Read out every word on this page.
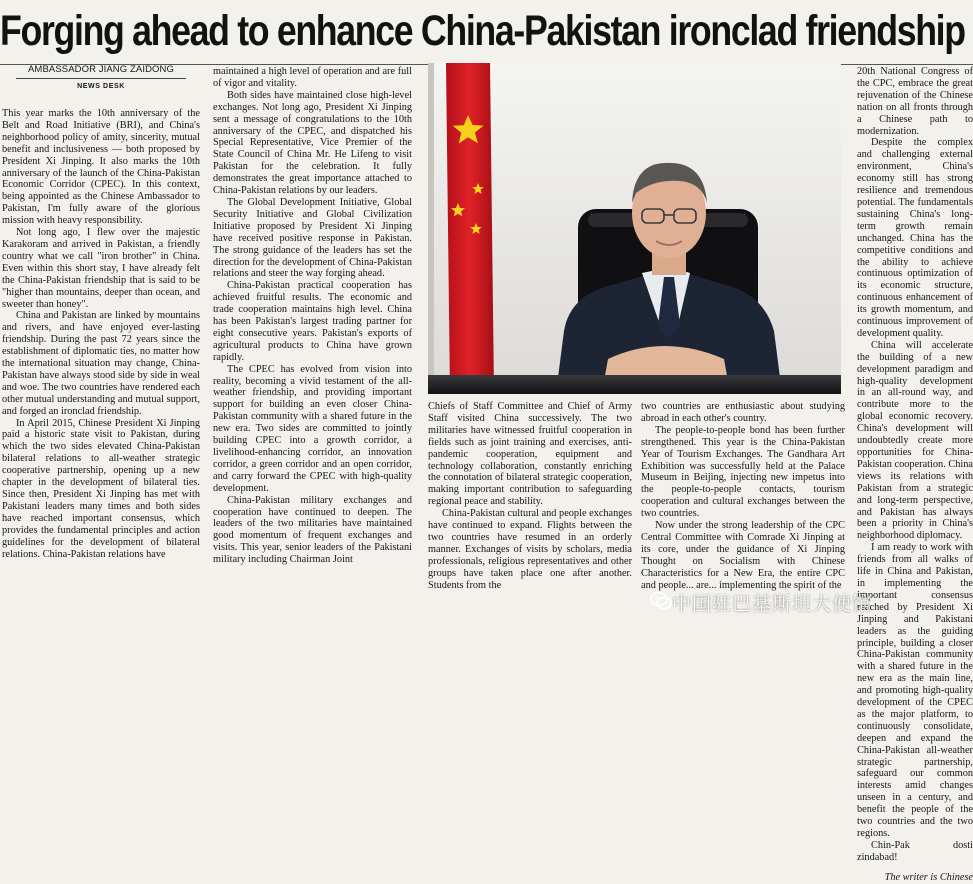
Forging ahead to enhance China-Pakistan ironclad friendship
AMBASSADOR JIANG ZAIDONG
NEWS DESK

This year marks the 10th anniversary of the Belt and Road Initiative (BRI), and China's neighborhood policy of amity, sincerity, mutual benefit and inclusiveness — both proposed by President Xi Jinping. It also marks the 10th anniversary of the launch of the China-Pakistan Economic Corridor (CPEC). In this context, being appointed as the Chinese Ambassador to Pakistan, I'm fully aware of the glorious mission with heavy responsibility.

Not long ago, I flew over the majestic Karakoram and arrived in Pakistan, a friendly country what we call "iron brother" in China. Even within this short stay, I have already felt the China-Pakistan friendship that is said to be "higher than mountains, deeper than ocean, and sweeter than honey".

China and Pakistan are linked by mountains and rivers, and have enjoyed ever-lasting friendship. During the past 72 years since the establishment of diplomatic ties, no matter how the international situation may change, China-Pakistan have always stood side by side in weal and woe. The two countries have rendered each other mutual understanding and mutual support, and forged an ironclad friendship.

In April 2015, Chinese President Xi Jinping paid a historic state visit to Pakistan, during which the two sides elevated China-Pakistan bilateral relations to all-weather strategic cooperative partnership, opening up a new chapter in the development of bilateral ties. Since then, President Xi Jinping has met with Pakistani leaders many times and both sides have reached important consensus, which provides the fundamental principles and action guidelines for the development of bilateral relations. China-Pakistan relations have

maintained a high level of operation and are full of vigor and vitality.

Both sides have maintained close high-level exchanges. Not long ago, President Xi Jinping sent a message of congratulations to the 10th anniversary of the CPEC, and dispatched his Special Representative, Vice Premier of the State Council of China Mr. He Lifeng to visit Pakistan for the celebration. It fully demonstrates the great importance attached to China-Pakistan relations by our leaders.

The Global Development Initiative, Global Security Initiative and Global Civilization Initiative proposed by President Xi Jinping have received positive response in Pakistan. The strong guidance of the leaders has set the direction for the development of China-Pakistan relations and steer the way forging ahead.

China-Pakistan practical cooperation has achieved fruitful results. The economic and trade cooperation maintains high level. China has been Pakistan's largest trading partner for eight consecutive years. Pakistan's exports of agricultural products to China have grown rapidly.

The CPEC has evolved from vision into reality, becoming a vivid testament of the all-weather friendship, and providing important support for building an even closer China-Pakistan community with a shared future in the new era. Two sides are committed to jointly building CPEC into a growth corridor, a livelihood-enhancing corridor, an innovation corridor, a green corridor and an open corridor, and carry forward the CPEC with high-quality development.

China-Pakistan military exchanges and cooperation have continued to deepen. The leaders of the two militaries have maintained good momentum of frequent exchanges and visits. This year, senior leaders of the Pakistani military including Chairman Joint

Chiefs of Staff Committee and Chief of Army Staff visited China successively. The two militaries have witnessed fruitful cooperation in fields such as joint training and exercises, anti-pandemic cooperation, equipment and technology collaboration, constantly enriching the connotation of bilateral strategic cooperation, making important contribution to safeguarding regional peace and stability.

China-Pakistan cultural and people exchanges have continued to expand. Flights between the two countries have resumed in an orderly manner. Exchanges of visits by scholars, media professionals, religious representatives and other groups have taken place one after another. Students from the

two countries are enthusiastic about studying abroad in each other's country.

The people-to-people bond has been further strengthened. This year is the China-Pakistan Year of Tourism Exchanges. The Gandhara Art Exhibition was successfully held at the Palace Museum in Beijing, injecting new impetus into the people-to-people contacts, tourism cooperation and cultural exchanges between the two countries.

Now under the strong leadership of the CPC Central Committee with Comrade Xi Jinping at its core, under the guidance of Xi Jinping Thought on Socialism with Chinese Characteristics for a New Era, the entire CPC and people... are... implementing the spirit of the

20th National Congress of the CPC, embrace the great rejuvenation of the Chinese nation on all fronts through a Chinese path to modernization.

Despite the complex and challenging external environment, China's economy still has strong resilience and tremendous potential. The fundamentals sustaining China's long-term growth remain unchanged. China has the competitive conditions and the ability to achieve continuous optimization of its economic structure, continuous enhancement of its growth momentum, and continuous improvement of development quality.

China will accelerate the building of a new development paradigm and high-quality development in an all-round way, and contribute more to the global economic recovery. China's development will undoubtedly create more opportunities for China-Pakistan cooperation. China views its relations with Pakistan from a strategic and long-term perspective, and Pakistan has always been a priority in China's neighborhood diplomacy.

I am ready to work with friends from all walks of life in China and Pakistan, in implementing the important consensus reached by President Xi Jinping and Pakistani leaders as the guiding principle, building a closer China-Pakistan community with a shared future in the new era as the main line, and promoting high-quality development of the CPEC as the major platform, to continuously consolidate, deepen and expand the China-Pakistan all-weather strategic partnership, safeguard our common interests amid changes unseen in a century, and benefit the people of the two countries and the two regions.

Chin-Pak dosti zindabad!

The writer is Chinese

中国驻巴基斯坦大使馆
